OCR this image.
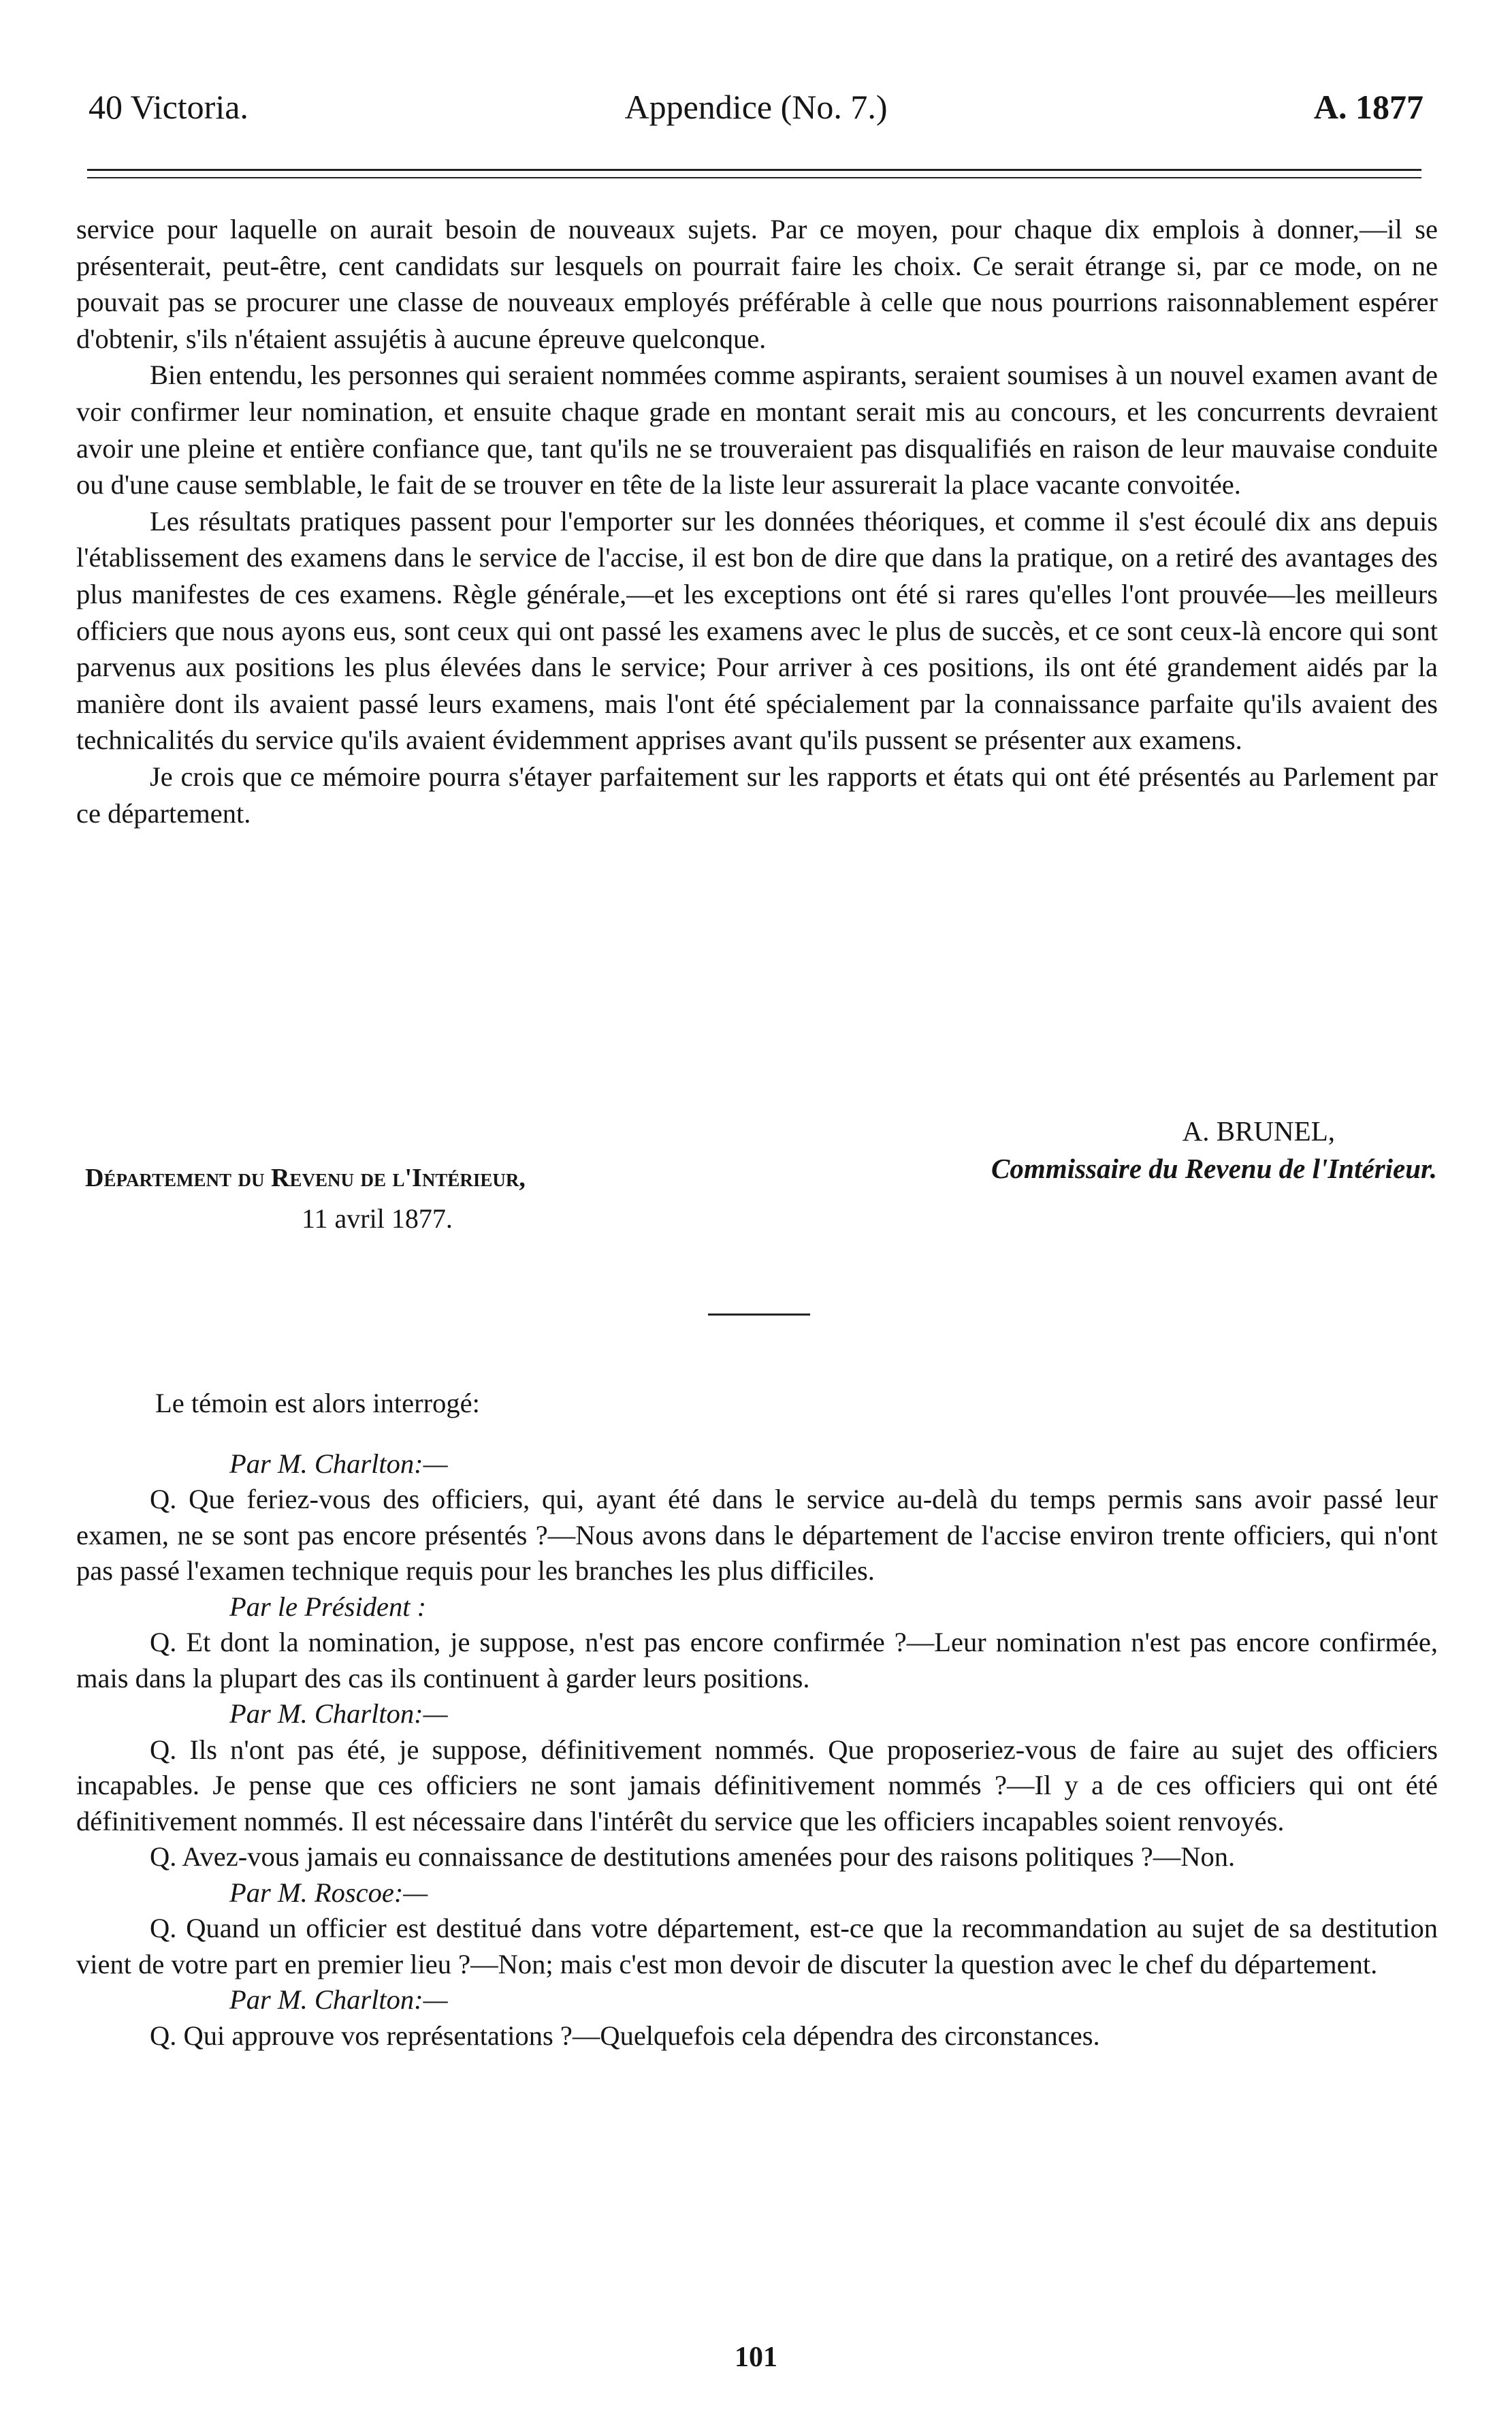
40 Victoria.	Appendice (No. 7.)	A. 1877

service pour laquelle on aurait besoin de nouveaux sujets. Par ce moyen, pour chaque dix emplois à donner,—il se présenterait, peut-être, cent candidats sur lesquels on pourrait faire les choix. Ce serait étrange si, par ce mode, on ne pouvait pas se procurer une classe de nouveaux employés préférable à celle que nous pourrions raisonnablement espérer d'obtenir, s'ils n'étaient assujétis à aucune épreuve quelconque.

Bien entendu, les personnes qui seraient nommées comme aspirants, seraient soumises à un nouvel examen avant de voir confirmer leur nomination, et ensuite chaque grade en montant serait mis au concours, et les concurrents devraient avoir une pleine et entière confiance que, tant qu'ils ne se trouveraient pas disqualifiés en raison de leur mauvaise conduite ou d'une cause semblable, le fait de se trouver en tête de la liste leur assurerait la place vacante convoitée.

Les résultats pratiques passent pour l'emporter sur les données théoriques, et comme il s'est écoulé dix ans depuis l'établissement des examens dans le service de l'accise, il est bon de dire que dans la pratique, on a retiré des avantages des plus manifestes de ces examens. Règle générale,—et les exceptions ont été si rares qu'elles l'ont prouvée—les meilleurs officiers que nous ayons eus, sont ceux qui ont passé les examens avec le plus de succès, et ce sont ceux-là encore qui sont parvenus aux positions les plus élevées dans le service; Pour arriver à ces positions, ils ont été grandement aidés par la manière dont ils avaient passé leurs examens, mais l'ont été spécialement par la connaissance parfaite qu'ils avaient des technicalités du service qu'ils avaient évidemment apprises avant qu'ils pussent se présenter aux examens.

Je crois que ce mémoire pourra s'étayer parfaitement sur les rapports et états qui ont été présentés au Parlement par ce département.

A. BRUNEL,
Commissaire du Revenu de l'Intérieur.
Département du Revenu de l'Intérieur,
11 avril 1877.

Le témoin est alors interrogé:

Par M. Charlton:—

Q. Que feriez-vous des officiers, qui, ayant été dans le service au-delà du temps permis sans avoir passé leur examen, ne se sont pas encore présentés ?—Nous avons dans le département de l'accise environ trente officiers, qui n'ont pas passé l'examen technique requis pour les branches les plus difficiles.

Par le Président :

Q. Et dont la nomination, je suppose, n'est pas encore confirmée ?—Leur nomination n'est pas encore confirmée, mais dans la plupart des cas ils continuent à garder leurs positions.

Par M. Charlton:—

Q. Ils n'ont pas été, je suppose, définitivement nommés. Que proposeriez-vous de faire au sujet des officiers incapables. Je pense que ces officiers ne sont jamais définitivement nommés ?—Il y a de ces officiers qui ont été définitivement nommés. Il est nécessaire dans l'intérêt du service que les officiers incapables soient renvoyés.

Q. Avez-vous jamais eu connaissance de destitutions amenées pour des raisons politiques ?—Non.

Par M. Roscoe:—

Q. Quand un officier est destitué dans votre département, est-ce que la recommandation au sujet de sa destitution vient de votre part en premier lieu ?—Non; mais c'est mon devoir de discuter la question avec le chef du département.

Par M. Charlton:—

Q. Qui approuve vos représentations ?—Quelquefois cela dépendra des circonstances.

101
